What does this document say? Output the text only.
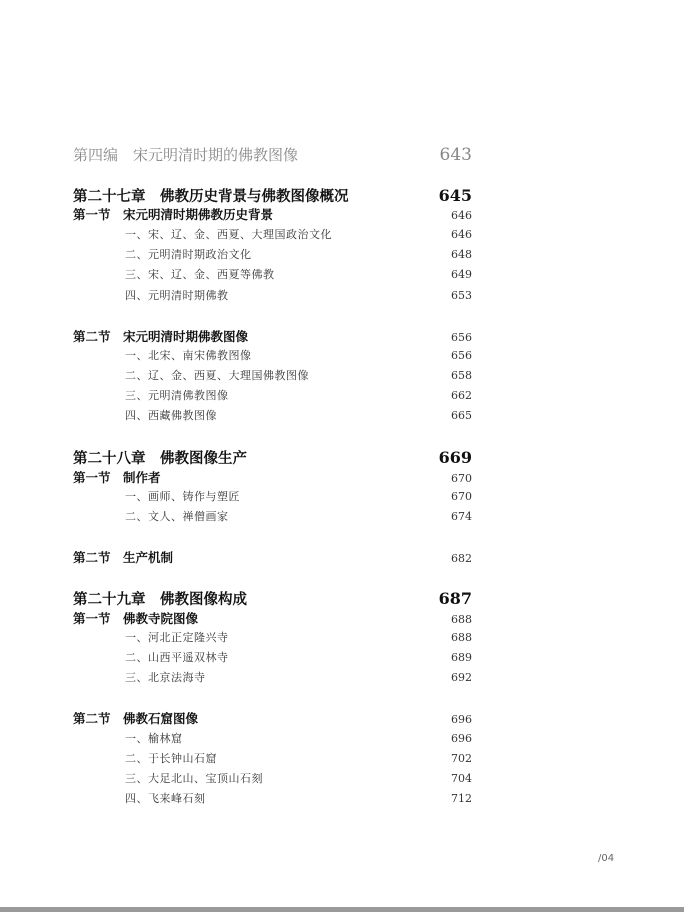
第四编　宋元明清时期的佛教图像	643
第二十七章　佛教历史背景与佛教图像概况	645
第一节　宋元明清时期佛教历史背景	646
一、宋、辽、金、西夏、大理国政治文化	646
二、元明清时期政治文化	648
三、宋、辽、金、西夏等佛教	649
四、元明清时期佛教	653
第二节　宋元明清时期佛教图像	656
一、北宋、南宋佛教图像	656
二、辽、金、西夏、大理国佛教图像	658
三、元明清佛教图像	662
四、西藏佛教图像	665
第二十八章　佛教图像生产	669
第一节　制作者	670
一、画师、铸作与塑匠	670
二、文人、禅僧画家	674
第二节　生产机制	682
第二十九章　佛教图像构成	687
第一节　佛教寺院图像	688
一、河北正定隆兴寺	688
二、山西平遥双林寺	689
三、北京法海寺	692
第二节　佛教石窟图像	696
一、榆林窟	696
二、于长钟山石窟	702
三、大足北山、宝顶山石刻	704
四、飞来峰石刻	712
/04
